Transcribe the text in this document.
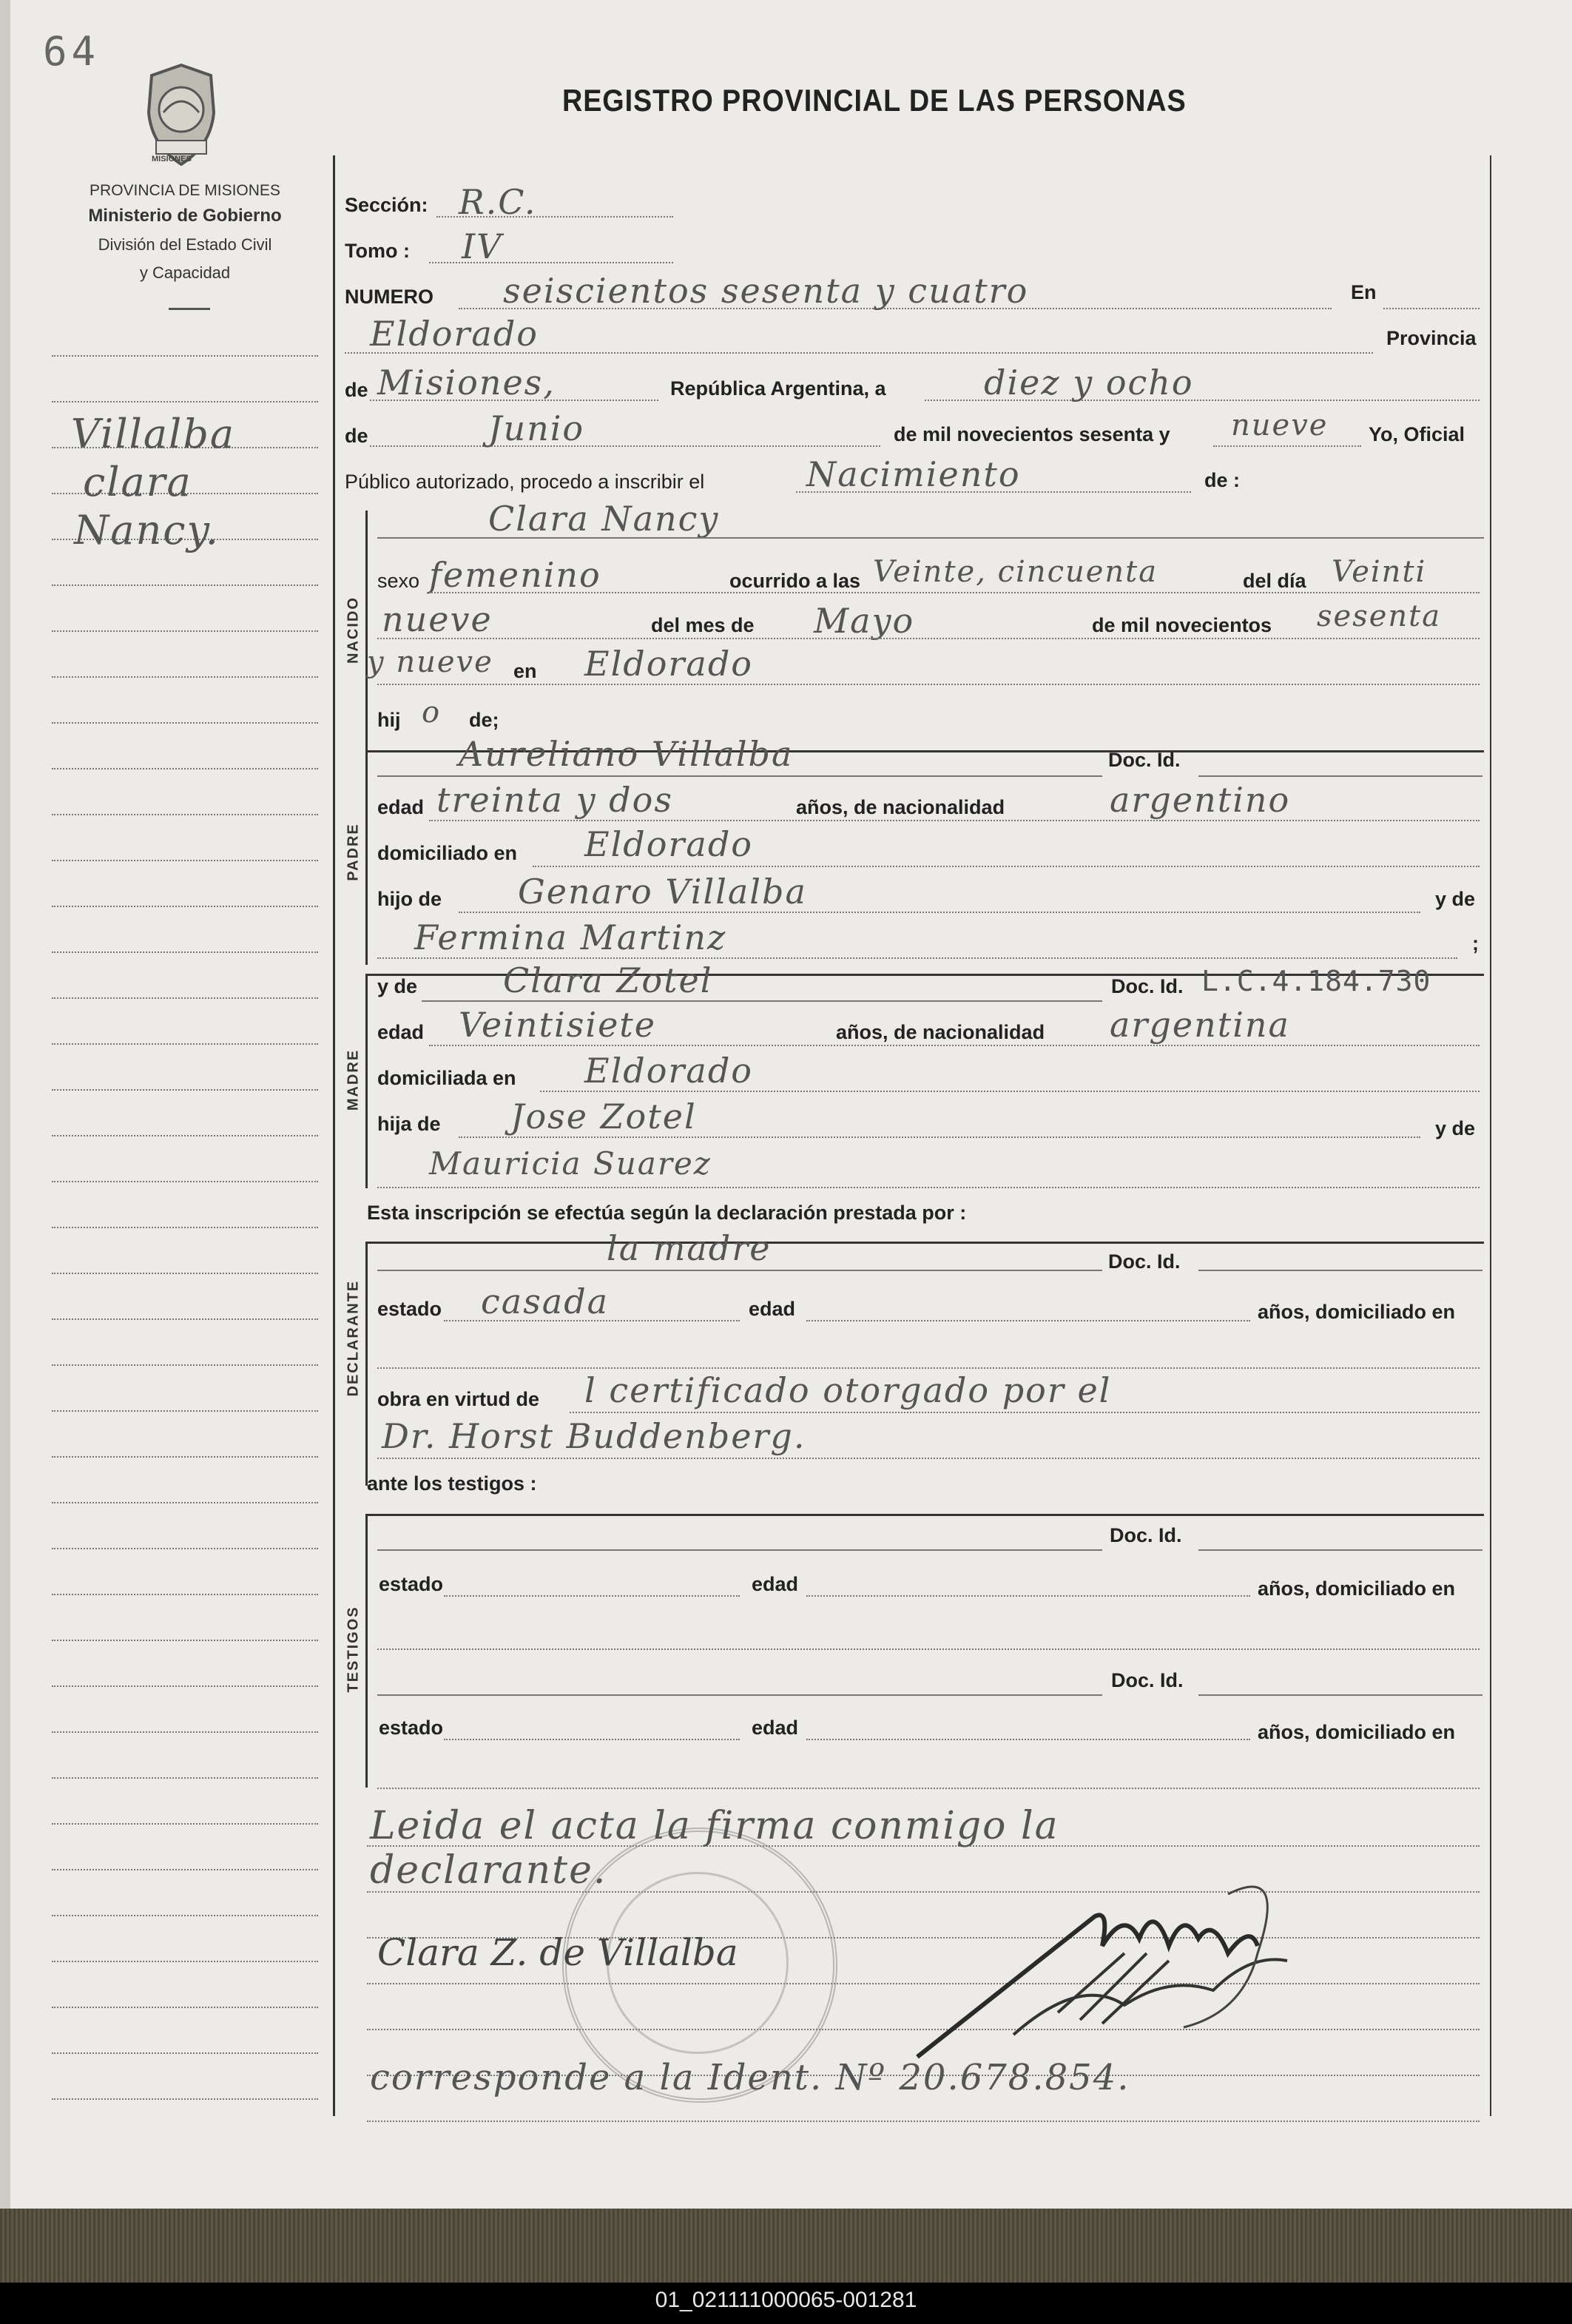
64
MISIONES
REGISTRO PROVINCIAL DE LAS PERSONAS
PROVINCIA DE MISIONES
Ministerio de Gobierno
División del Estado Civil
y Capacidad
Villalba
clara
Nancy.
Sección: R.C.
Tomo : IV
NUMERO seiscientos sesenta y cuatro	En
Eldorado	Provincia
de Misiones,	República Argentina, a	diez y ocho
de	Junio	de mil novecientos sesenta y nueve Yo, Oficial
Público autorizado, procedo a inscribir el	Nacimiento	de :
NACIDO
Clara Nancy
sexo femenino	ocurrido a las Veinte, cincuenta	del día Veinti
nueve	del mes de Mayo	de mil novecientos sesenta
y nueve en Eldorado
hij o de;
PADRE
Aureliano Villalba	Doc. Id.
edad treinta y dos	años, de nacionalidad	argentino
domiciliado en Eldorado
hijo de Genaro Villalba	y de
Fermina Martinz	;
MADRE
y de	Clara Zotel	Doc. Id. L.C.4.184.730
edad Veintisiete	años, de nacionalidad argentina
domiciliada en Eldorado
hija de Jose Zotel	y de
Mauricia Suarez
Esta inscripción se efectúa según la declaración prestada por :
DECLARANTE
la madre	Doc. Id.
estado casada	edad	años, domiciliado en
obra en virtud de l certificado otorgado por el
Dr. Horst Buddenberg.
ante los testigos :
TESTIGOS
Doc. Id.
estado	edad	años, domiciliado en
Doc. Id.
estado	edad	años, domiciliado en
Leida el acta la firma conmigo la
declarante.
Clara Z. de Villalba
corresponde a la Ident. Nº 20.678.854.
01_021111000065-001281
